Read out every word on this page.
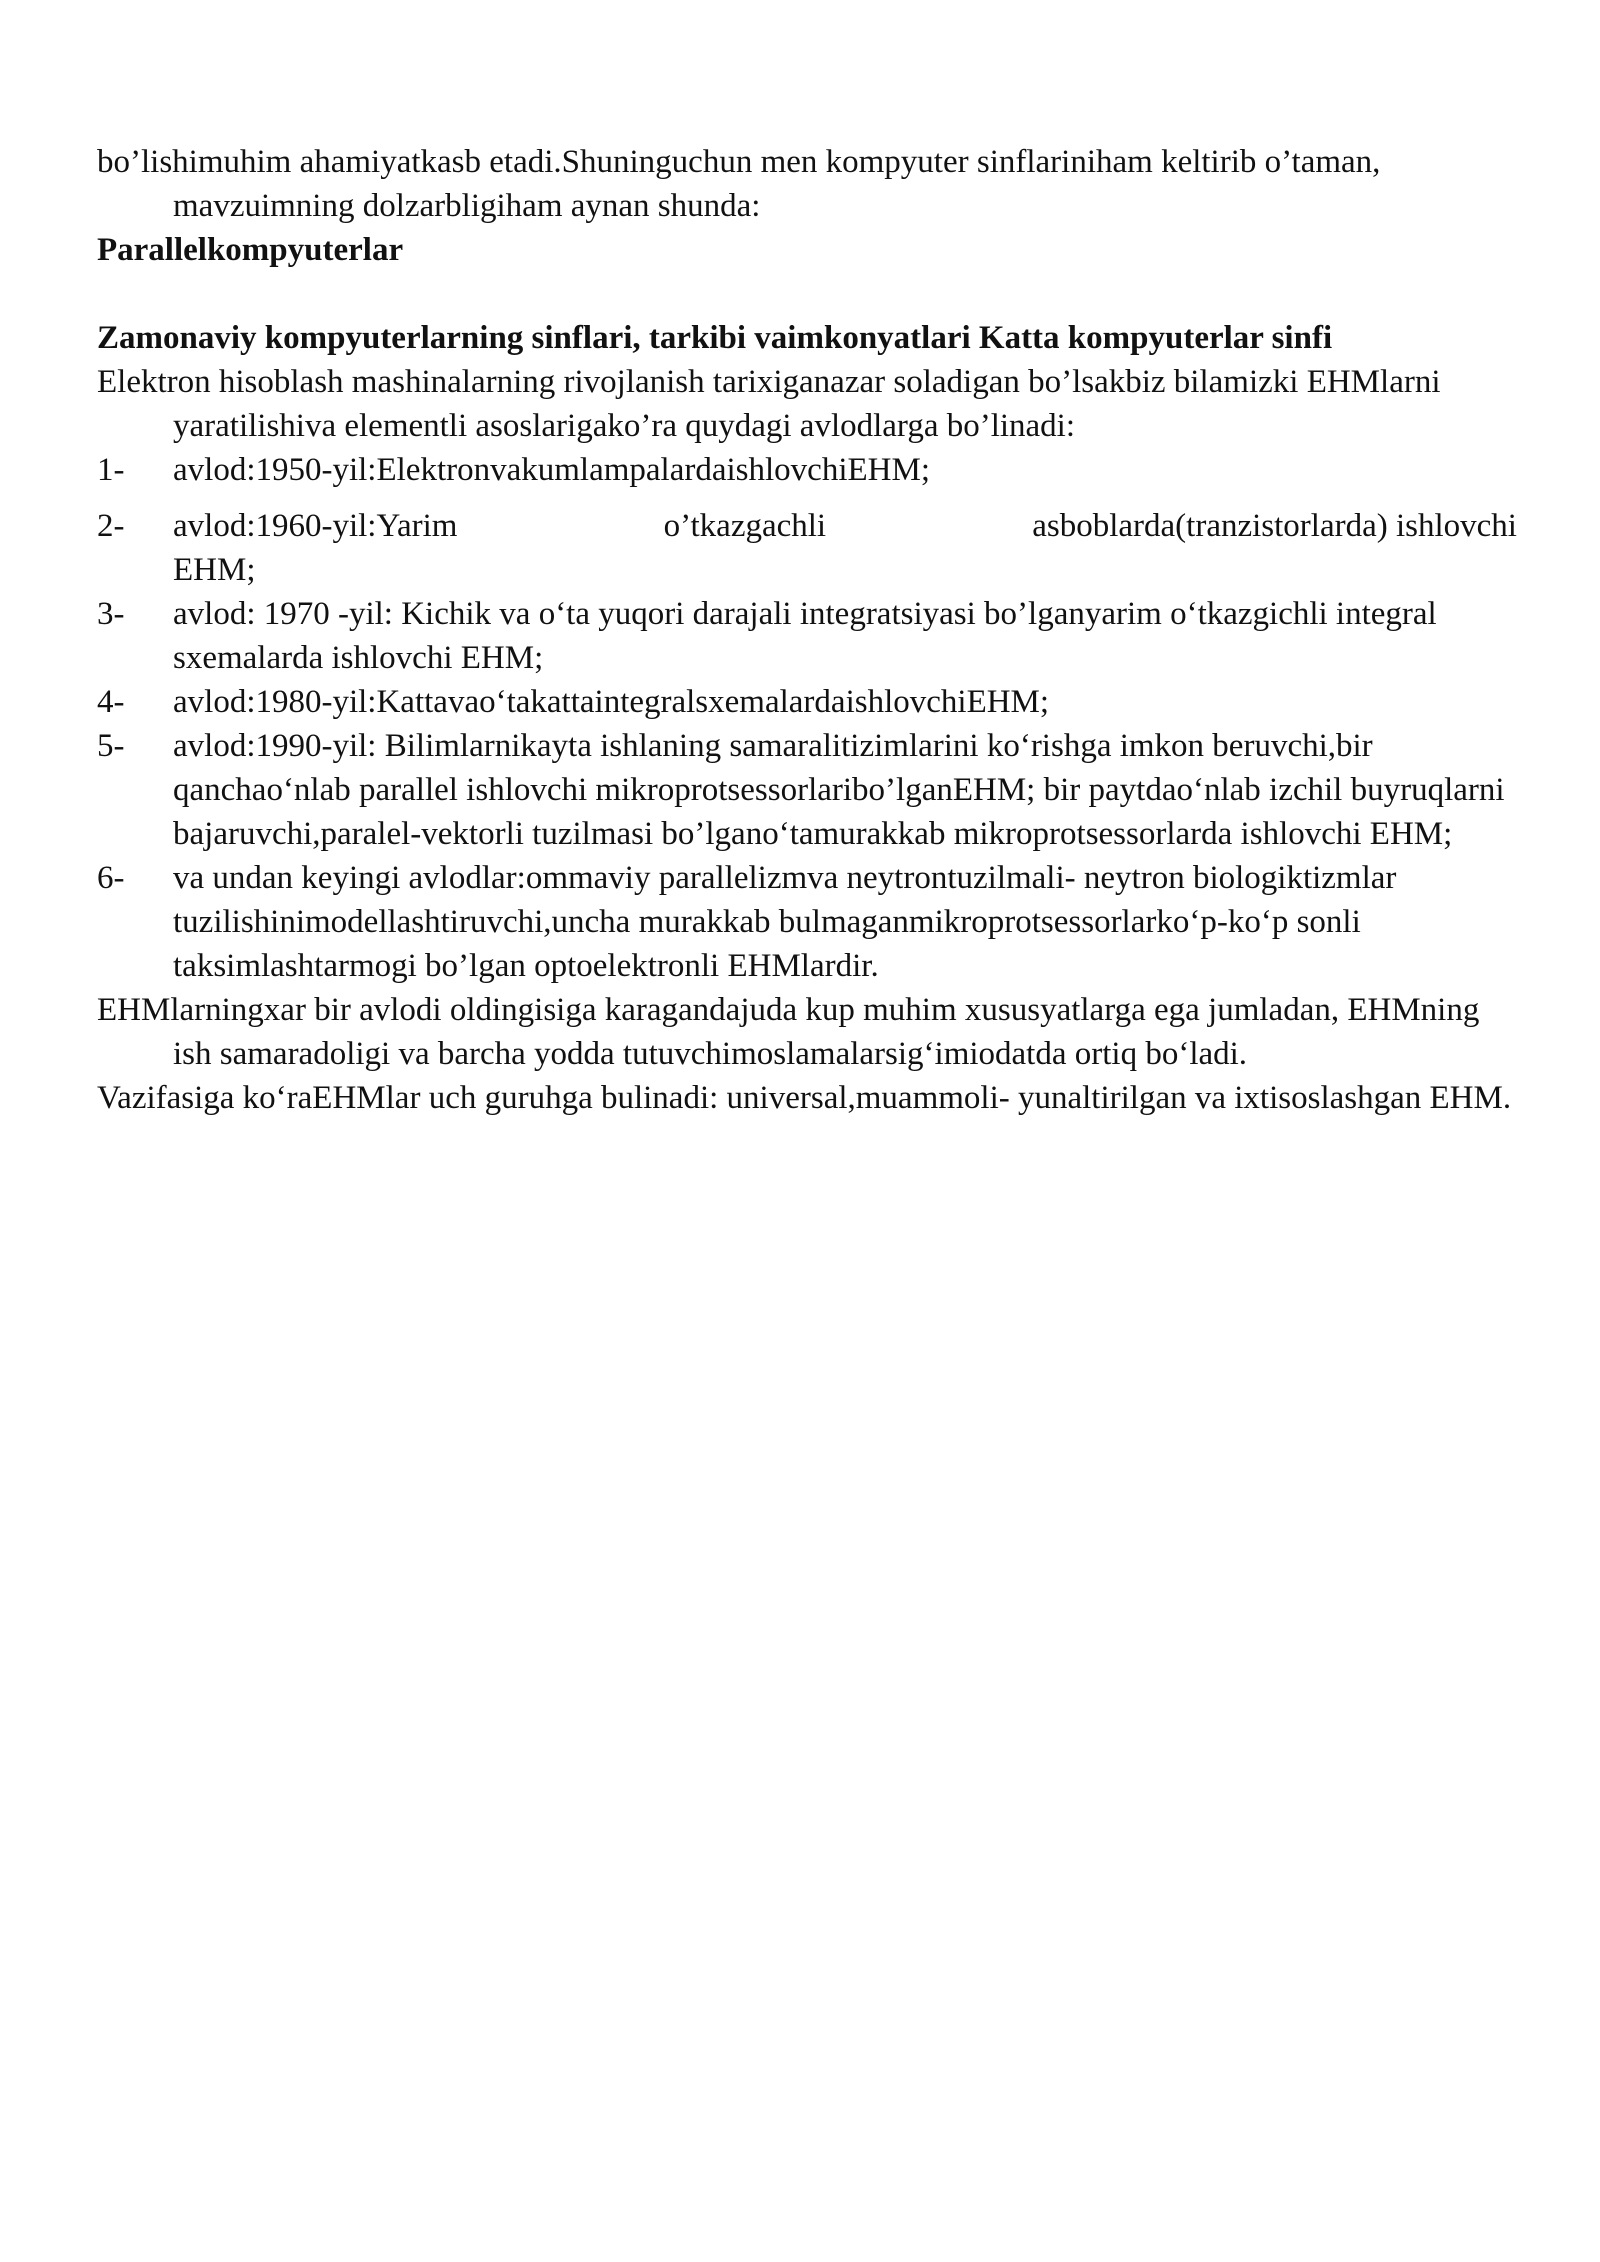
bo’lishimuhim ahamiyatkasb etadi.Shuninguchun men kompyuter sinflariniham keltirib o’taman, mavzuimning dolzarbligiham aynan shunda:

Parallelkompyuterlar

Zamonaviy kompyuterlarning sinflari, tarkibi vaimkonyatlari Katta kompyuterlar sinfi

Elektron hisoblash mashinalarning rivojlanish tarixiganazar soladigan bo’lsakbiz bilamizki EHMlarni yaratilishiva elementli asoslarigako’ra quydagi avlodlarga bo’linadi:

1- avlod:1950-yil:ElektronvakumlampalardaishlovchiEHM;
2- avlod:1960-yil:Yarim	o’tkazgachli	asboblarda(tranzistorlarda) ishlovchi
EHM;
3- avlod: 1970 -yil: Kichik va o‘ta yuqori darajali integratsiyasi bo’lganyarim o‘tkazgichli integral sxemalarda ishlovchi EHM;
4- avlod:1980-yil:Kattavao‘takattaintegralsxemalardaishlovchiEHM;
5- avlod:1990-yil: Bilimlarnikayta ishlaning samaralitizimlarini ko‘rishga imkon beruvchi,bir qanchao‘nlab parallel ishlovchi mikroprotsessorlaribo’lganEHM; bir paytdao‘nlab izchil buyruqlarni bajaruvchi,paralel-vektorli tuzilmasi bo’lgano‘tamurakkab mikroprotsessorlarda ishlovchi EHM;
6- va undan keyingi avlodlar:ommaviy parallelizmva neytrontuzilmali- neytron biologiktizmlar tuzilishinimodellashtiruvchi,uncha murakkab bulmaganmikroprotsessorlarko‘p-ko‘p sonli taksimlashtarmogi bo’lgan optoelektronli EHMlardir.

EHMlarningxar bir avlodi oldingisiga karagandajuda kup muhim xususyatlarga ega jumladan, EHMning ish samaradoligi va barcha yodda tutuvchimoslamalarsig‘imiodatda ortiq bo‘ladi.

Vazifasiga ko‘raEHMlar uch guruhga bulinadi: universal,muammoli- yunaltirilgan va ixtisoslashgan EHM.
